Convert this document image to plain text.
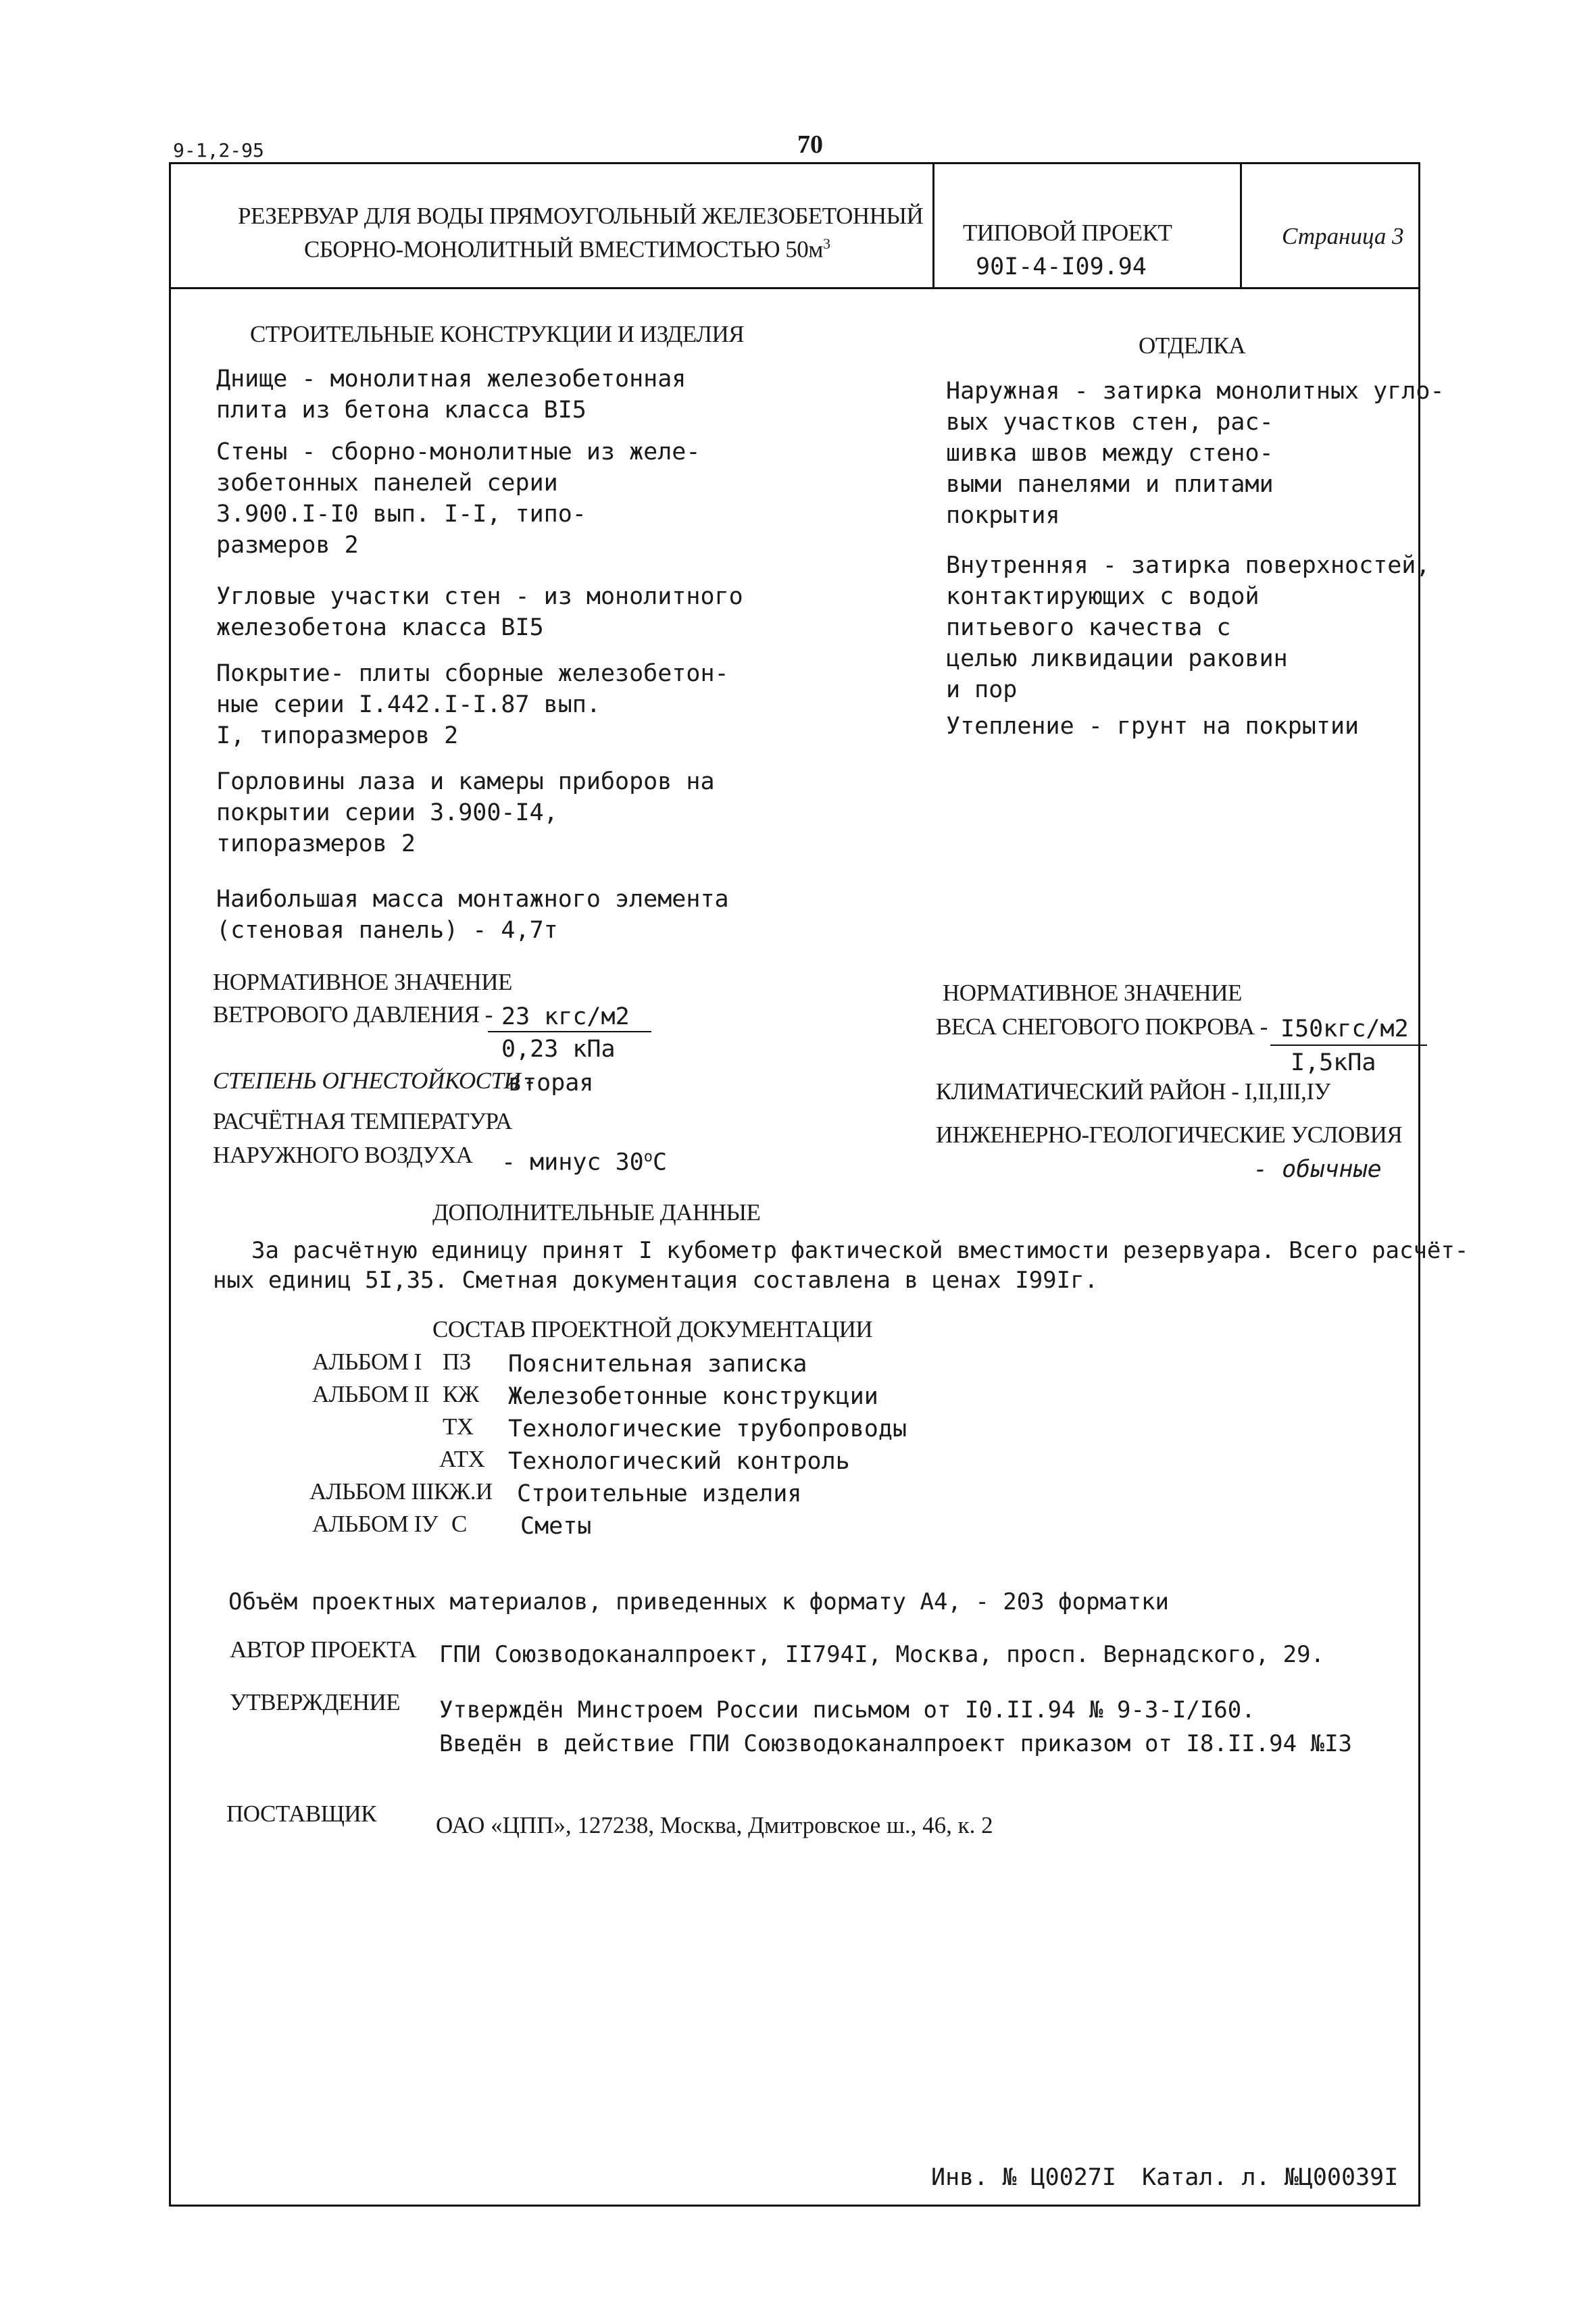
9-1,2-95	70
РЕЗЕРВУАР ДЛЯ ВОДЫ ПРЯМОУГОЛЬНЫЙ ЖЕЛЕЗОБЕТОННЫЙ
СБОРНО-МОНОЛИТНЫЙ ВМЕСТИМОСТЬЮ $50м^3$	ТИПОВОЙ ПРОЕКТ
90I-4-I09.94
Страница 3
СТРОИТЕЛЬНЫЕ КОНСТРУКЦИИ И ИЗДЕЛИЯ
Днище - монолитная железобетонная
плита из бетона класса ВI5
Стены - сборно-монолитные из желе-
зобетонных панелей серии
3.900.I-I0 вып. I-I, типо-
размеров 2
Угловые участки стен - из монолитного
железобетона класса ВI5
Покрытие- плиты сборные железобетон-
ные серии I.442.I-I.87 вып.
I, типоразмеров 2
Горловины лаза и камеры приборов на
покрытии серии 3.900-I4,
типоразмеров 2
Наибольшая масса монтажного элемента
(стеновая панель) - 4,7т
ОТДЕЛКА
Наружная - затирка монолитных угло-
вых участков стен, рас-
шивка швов между стено-
выми панелями и плитами
покрытия
Внутренняя - затирка поверхностей,
контактирующих с водой
питьевого качества с
целью ликвидации раковин
и пор
Утепление - грунт на покрытии
НОРМАТИВНОЕ ЗНАЧЕНИЕ
ВЕТРОВОГО ДАВЛЕНИЯ - 23 кгс/м2
0,23 кПа
СТЕПЕНЬ ОГНЕСТОЙКОСТИ -
вторая
РАСЧЁТНАЯ ТЕМПЕРАТУРА
НАРУЖНОГО ВОЗДУХА - минус $30^оС$
НОРМАТИВНОЕ ЗНАЧЕНИЕ
ВЕСА СНЕГОВОГО ПОКРОВА - I50кгс/м2
I,5кПа
КЛИМАТИЧЕСКИЙ РАЙОН - I,II,III,IУ
ИНЖЕНЕРНО-ГЕОЛОГИЧЕСКИЕ УСЛОВИЯ
- обычные
ДОПОЛНИТЕЛЬНЫЕ ДАННЫЕ
За расчётную единицу принят I кубометр фактической вместимости резервуара. Всего расчёт-
ных единиц 5I,35. Сметная документация составлена в ценах I99Iг.
СОСТАВ ПРОЕКТНОЙ ДОКУМЕНТАЦИИ
АЛЬБОМ I ПЗ Пояснительная записка
АЛЬБОМ II КЖ Железобетонные конструкции
ТХ Технологические трубопроводы
АТХ Технологический контроль
АЛЬБОМ III КЖ.И Строительные изделия
АЛЬБОМ IУ С Сметы
Объём проектных материалов, приведенных к формату А4, - 203 форматки
АВТОР ПРОЕКТА ГПИ Союзводоканалпроект, II794I, Москва, просп. Вернадского, 29.
УТВЕРЖДЕНИЕ Утверждён Минстроем России письмом от I0.II.94 № 9-3-I/I60.
Введён в действие ГПИ Союзводоканалпроект приказом от I8.II.94 №I3
ПОСТАВЩИК	ОАО «ЦПП», 127238, Москва, Дмитровское ш., 46, к. 2
Инв. № Ц0027I Катал. л. №Ц00039I
